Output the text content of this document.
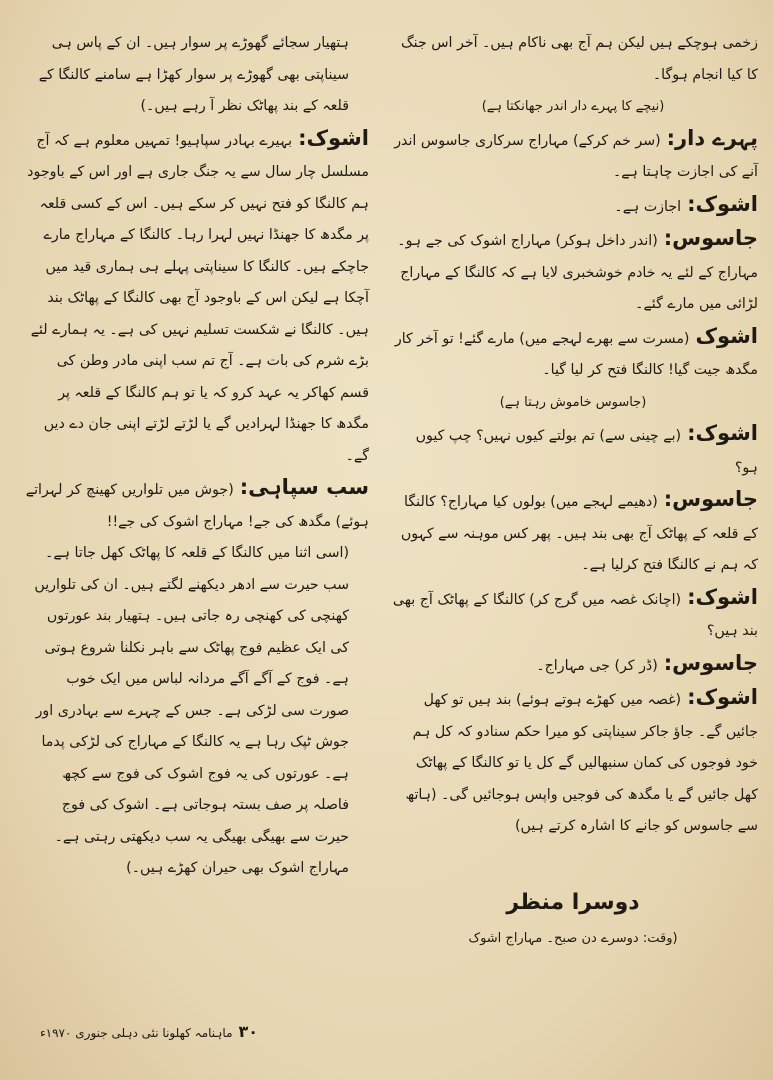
زخمی ہوچکے ہیں لیکن ہم آج بھی ناکام ہیں۔ آخر اس جنگ کا کیا انجام ہوگا۔

(نیچے کا پہرے دار اندر جھانکتا ہے)

پہرے دار:(سر خم کرکے) مہاراج سرکاری جاسوس اندر آنے کی اجازت چاہتا ہے۔

اشوک:اجازت ہے۔

جاسوس:(اندر داخل ہوکر) مہاراج اشوک کی جے ہو۔ مہاراج کے لئے یہ خادم خوشخبری لایا ہے کہ کالنگا کے مہاراج لڑائی میں مارے گئے۔

اشوک(مسرت سے بھرے لہجے میں) مارے گئے! تو آخر کار مگدھ جیت گیا! کالنگا فتح کر لیا گیا۔

(جاسوس خاموش رہتا ہے)

اشوک:(بے چینی سے) تم بولتے کیوں نہیں؟ چپ کیوں ہو؟

جاسوس:(دھیمے لہجے میں) بولوں کیا مہاراج؟ کالنگا کے قلعہ کے پھاٹک آج بھی بند ہیں۔ پھر کس موہنہ سے کہوں کہ ہم نے کالنگا فتح کرلیا ہے۔

اشوک:(اچانک غصہ میں گرج کر) کالنگا کے پھاٹک آج بھی بند ہیں؟

جاسوس:(ڈر کر) جی مہاراج۔

اشوک:(غصہ میں کھڑے ہوتے ہوئے) بند ہیں تو کھل جائیں گے۔ جاؤ جاکر سیناپتی کو میرا حکم سنادو کہ کل ہم خود فوجوں کی کمان سنبھالیں گے کل یا تو کالنگا کے پھاٹک کھل جائیں گے یا مگدھ کی فوجیں واپس ہوجائیں گی۔ (ہاتھ سے جاسوس کو جانے کا اشارہ کرتے ہیں)

دوسرا منظر

(وقت: دوسرے دن صبح۔ مہاراج اشوک

ہتھیار سجائے گھوڑے پر سوار ہیں۔ ان کے پاس ہی سیناپتی بھی گھوڑے پر سوار کھڑا ہے سامنے کالنگا کے قلعہ کے بند پھاٹک نظر آ رہے ہیں۔)

اشوک:بہیرے بہادر سپاہیو! تمہیں معلوم ہے کہ آج مسلسل چار سال سے یہ جنگ جاری ہے اور اس کے باوجود ہم کالنگا کو فتح نہیں کر سکے ہیں۔ اس کے کسی قلعہ پر مگدھ کا جھنڈا نہیں لہرا رہا۔ کالنگا کے مہاراج مارے جاچکے ہیں۔ کالنگا کا سیناپتی پہلے ہی ہماری قید میں آچکا ہے لیکن اس کے باوجود آج بھی کالنگا کے پھاٹک بند ہیں۔ کالنگا نے شکست تسلیم نہیں کی ہے۔ یہ ہمارے لئے بڑے شرم کی بات ہے۔ آج تم سب اپنی مادر وطن کی قسم کھاکر یہ عہد کرو کہ یا تو ہم کالنگا کے قلعہ پر مگدھ کا جھنڈا لہرادیں گے یا لڑتے لڑتے اپنی جان دے دیں گے۔

سب سپاہی:(جوش میں تلواریں کھینچ کر لہراتے ہوئے) مگدھ کی جے! مہاراج اشوک کی جے!!

(اسی اثنا میں کالنگا کے قلعہ کا پھاٹک کھل جاتا ہے۔ سب حیرت سے ادھر دیکھنے لگتے ہیں۔ ان کی تلواریں کھنچی کی کھنچی رہ جاتی ہیں۔ ہتھیار بند عورتوں کی ایک عظیم فوج پھاٹک سے باہر نکلنا شروع ہوتی ہے۔ فوج کے آگے آگے مردانہ لباس میں ایک خوب صورت سی لڑکی ہے۔ جس کے چہرے سے بہادری اور جوش ٹپک رہا ہے یہ کالنگا کے مہاراج کی لڑکی پدما ہے۔ عورتوں کی یہ فوج اشوک کی فوج سے کچھ فاصلہ پر صف بستہ ہوجاتی ہے۔ اشوک کی فوج حیرت سے بھیگی بھیگی یہ سب دیکھتی رہتی ہے۔ مہاراج اشوک بھی حیران کھڑے ہیں۔)

۳۰ماہنامہ کھلونا نئی دہلی جنوری ۱۹۷۰ء
